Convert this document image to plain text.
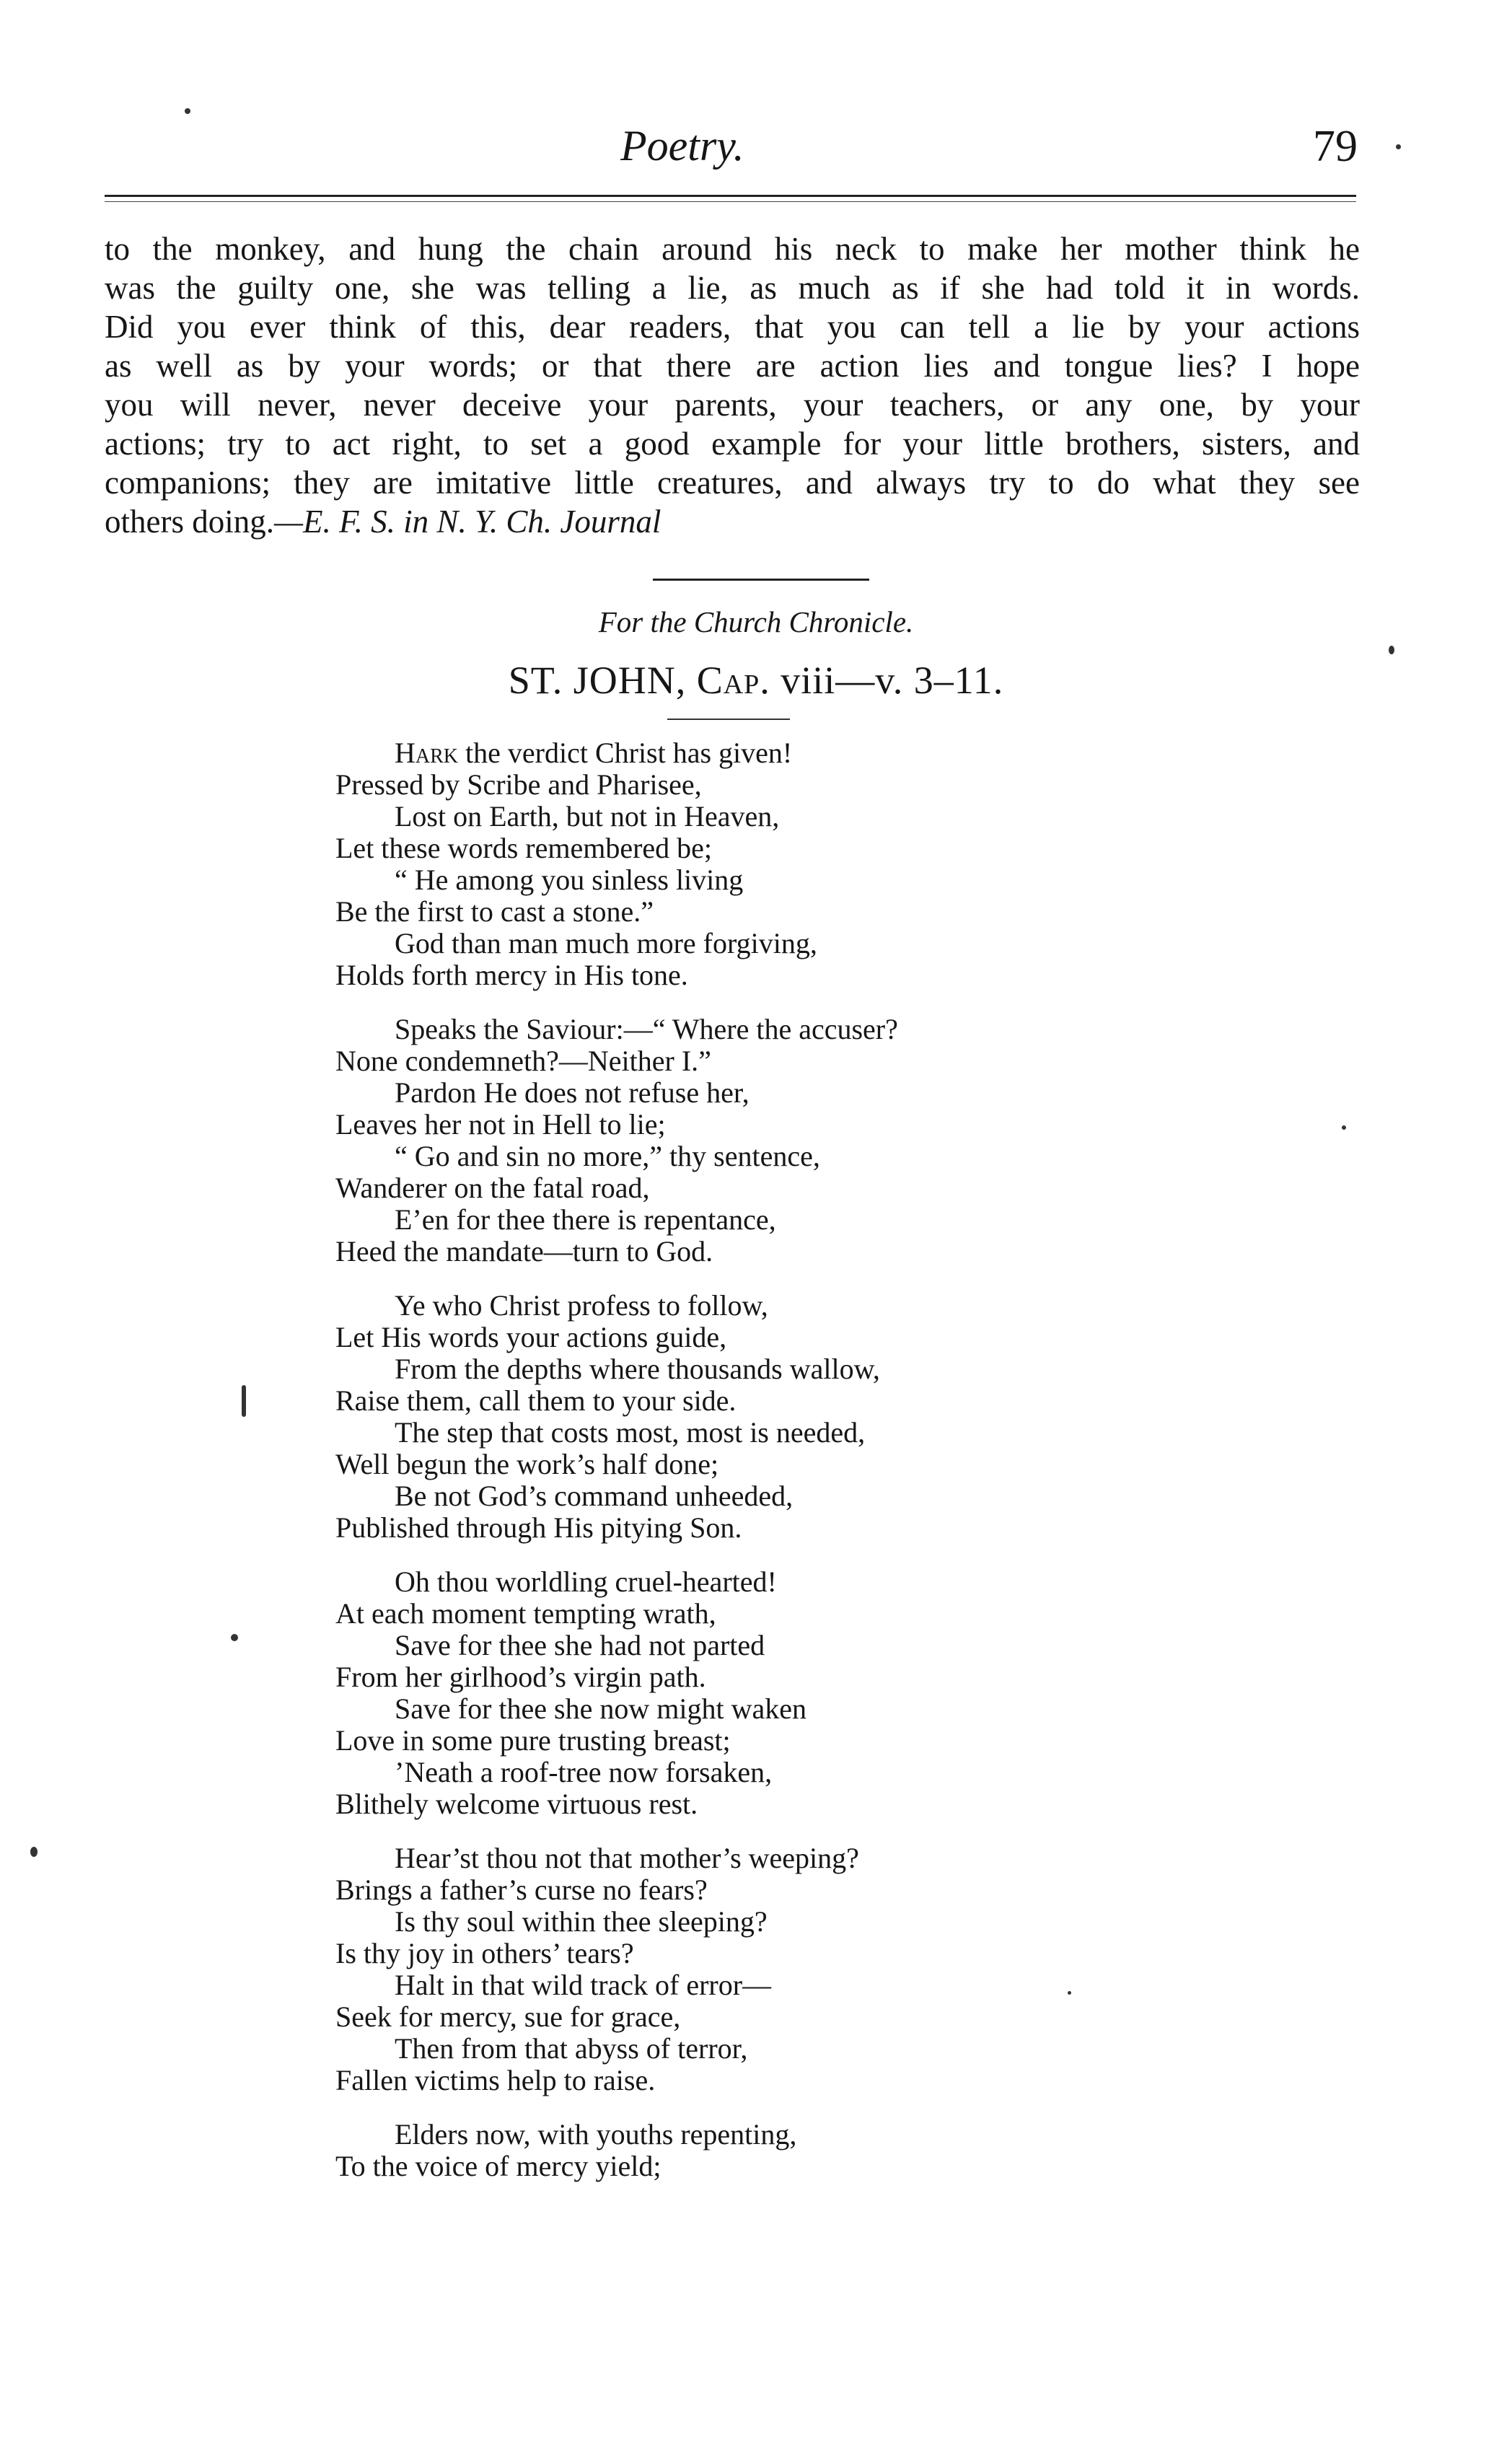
Poetry.	79
to the monkey, and hung the chain around his neck to make her mother think he
was the guilty one, she was telling a lie, as much as if she had told it in words.
Did you ever think of this, dear readers, that you can tell a lie by your actions
as well as by your words; or that there are action lies and tongue lies? I hope
you will never, never deceive your parents, your teachers, or any one, by your
actions; try to act right, to set a good example for your little brothers, sisters, and
companions; they are imitative little creatures, and always try to do what they see
others doing.—E. F. S. in N. Y. Ch. Journal
For the Church Chronicle.
ST. JOHN, Cap. viii—v. 3–11.
Hark the verdict Christ has given!
Pressed by Scribe and Pharisee,
Lost on Earth, but not in Heaven,
Let these words remembered be;
“ He among you sinless living
Be the first to cast a stone.”
God than man much more forgiving,
Holds forth mercy in His tone.
Speaks the Saviour:—“ Where the accuser?
None condemneth?—Neither I.”
Pardon He does not refuse her,
Leaves her not in Hell to lie;
“ Go and sin no more,” thy sentence,
Wanderer on the fatal road,
E’en for thee there is repentance,
Heed the mandate—turn to God.
Ye who Christ profess to follow,
Let His words your actions guide,
From the depths where thousands wallow,
Raise them, call them to your side.
The step that costs most, most is needed,
Well begun the work’s half done;
Be not God’s command unheeded,
Published through His pitying Son.
Oh thou worldling cruel-hearted!
At each moment tempting wrath,
Save for thee she had not parted
From her girlhood’s virgin path.
Save for thee she now might waken
Love in some pure trusting breast;
’Neath a roof-tree now forsaken,
Blithely welcome virtuous rest.
Hear’st thou not that mother’s weeping?
Brings a father’s curse no fears?
Is thy soul within thee sleeping?
Is thy joy in others’ tears?
Halt in that wild track of error—
Seek for mercy, sue for grace,
Then from that abyss of terror,
Fallen victims help to raise.
Elders now, with youths repenting,
To the voice of mercy yield;
